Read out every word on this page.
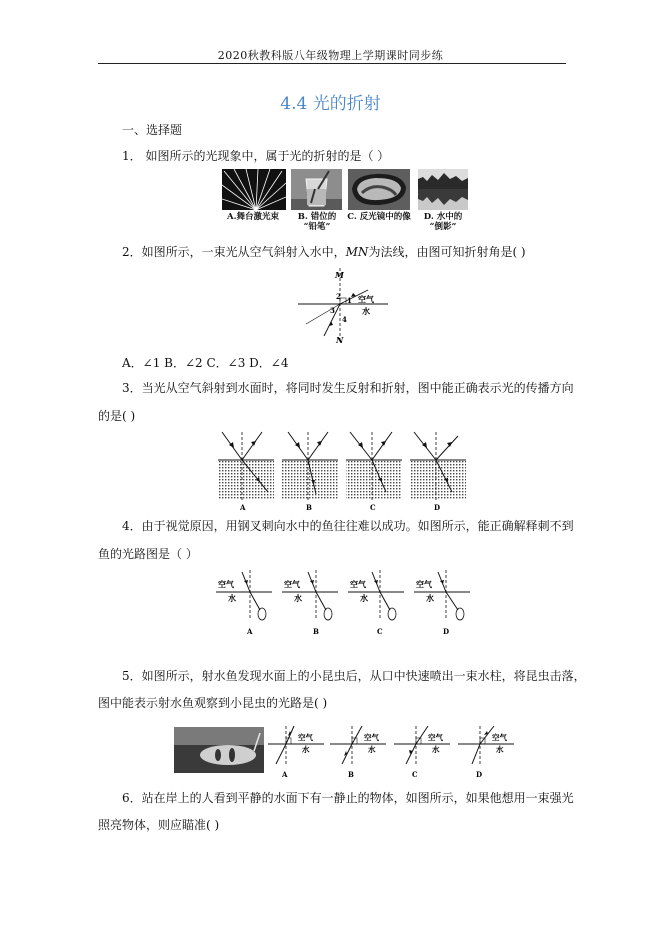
2020秋教科版八年级物理上学期课时同步练
4.4 光的折射
一、选择题
1． 如图所示的光现象中，属于光的折射的是（ ）
A.舞台激光束	B. 错位的
“铅笔”
C. 反光镜中的像	D. 水中的
“倒影”
2．如图所示，一束光从空气斜射入水中，MN为法线，由图可知折射角是( )
M
N
2 1
3
4
空气
水
A．∠1 B．∠2 C．∠3 D．∠4
3．当光从空气斜射到水面时，将同时发生反射和折射，图中能正确表示光的传播方向
的是( )
A	B	C	D
4．由于视觉原因，用钢叉刺向水中的鱼往往难以成功。如图所示，能正确解释刺不到
鱼的光路图是（ ）
空气
水
A
空气
水
B
空气
水
C
空气
水
D
5．如图所示，射水鱼发现水面上的小昆虫后，从口中快速喷出一束水柱，将昆虫击落，
图中能表示射水鱼观察到小昆虫的光路是( )
空气
水
A
空气
水
B
空气
水
C
空气
水
D
6．站在岸上的人看到平静的水面下有一静止的物体，如图所示，如果他想用一束强光
照亮物体，则应瞄准( )
